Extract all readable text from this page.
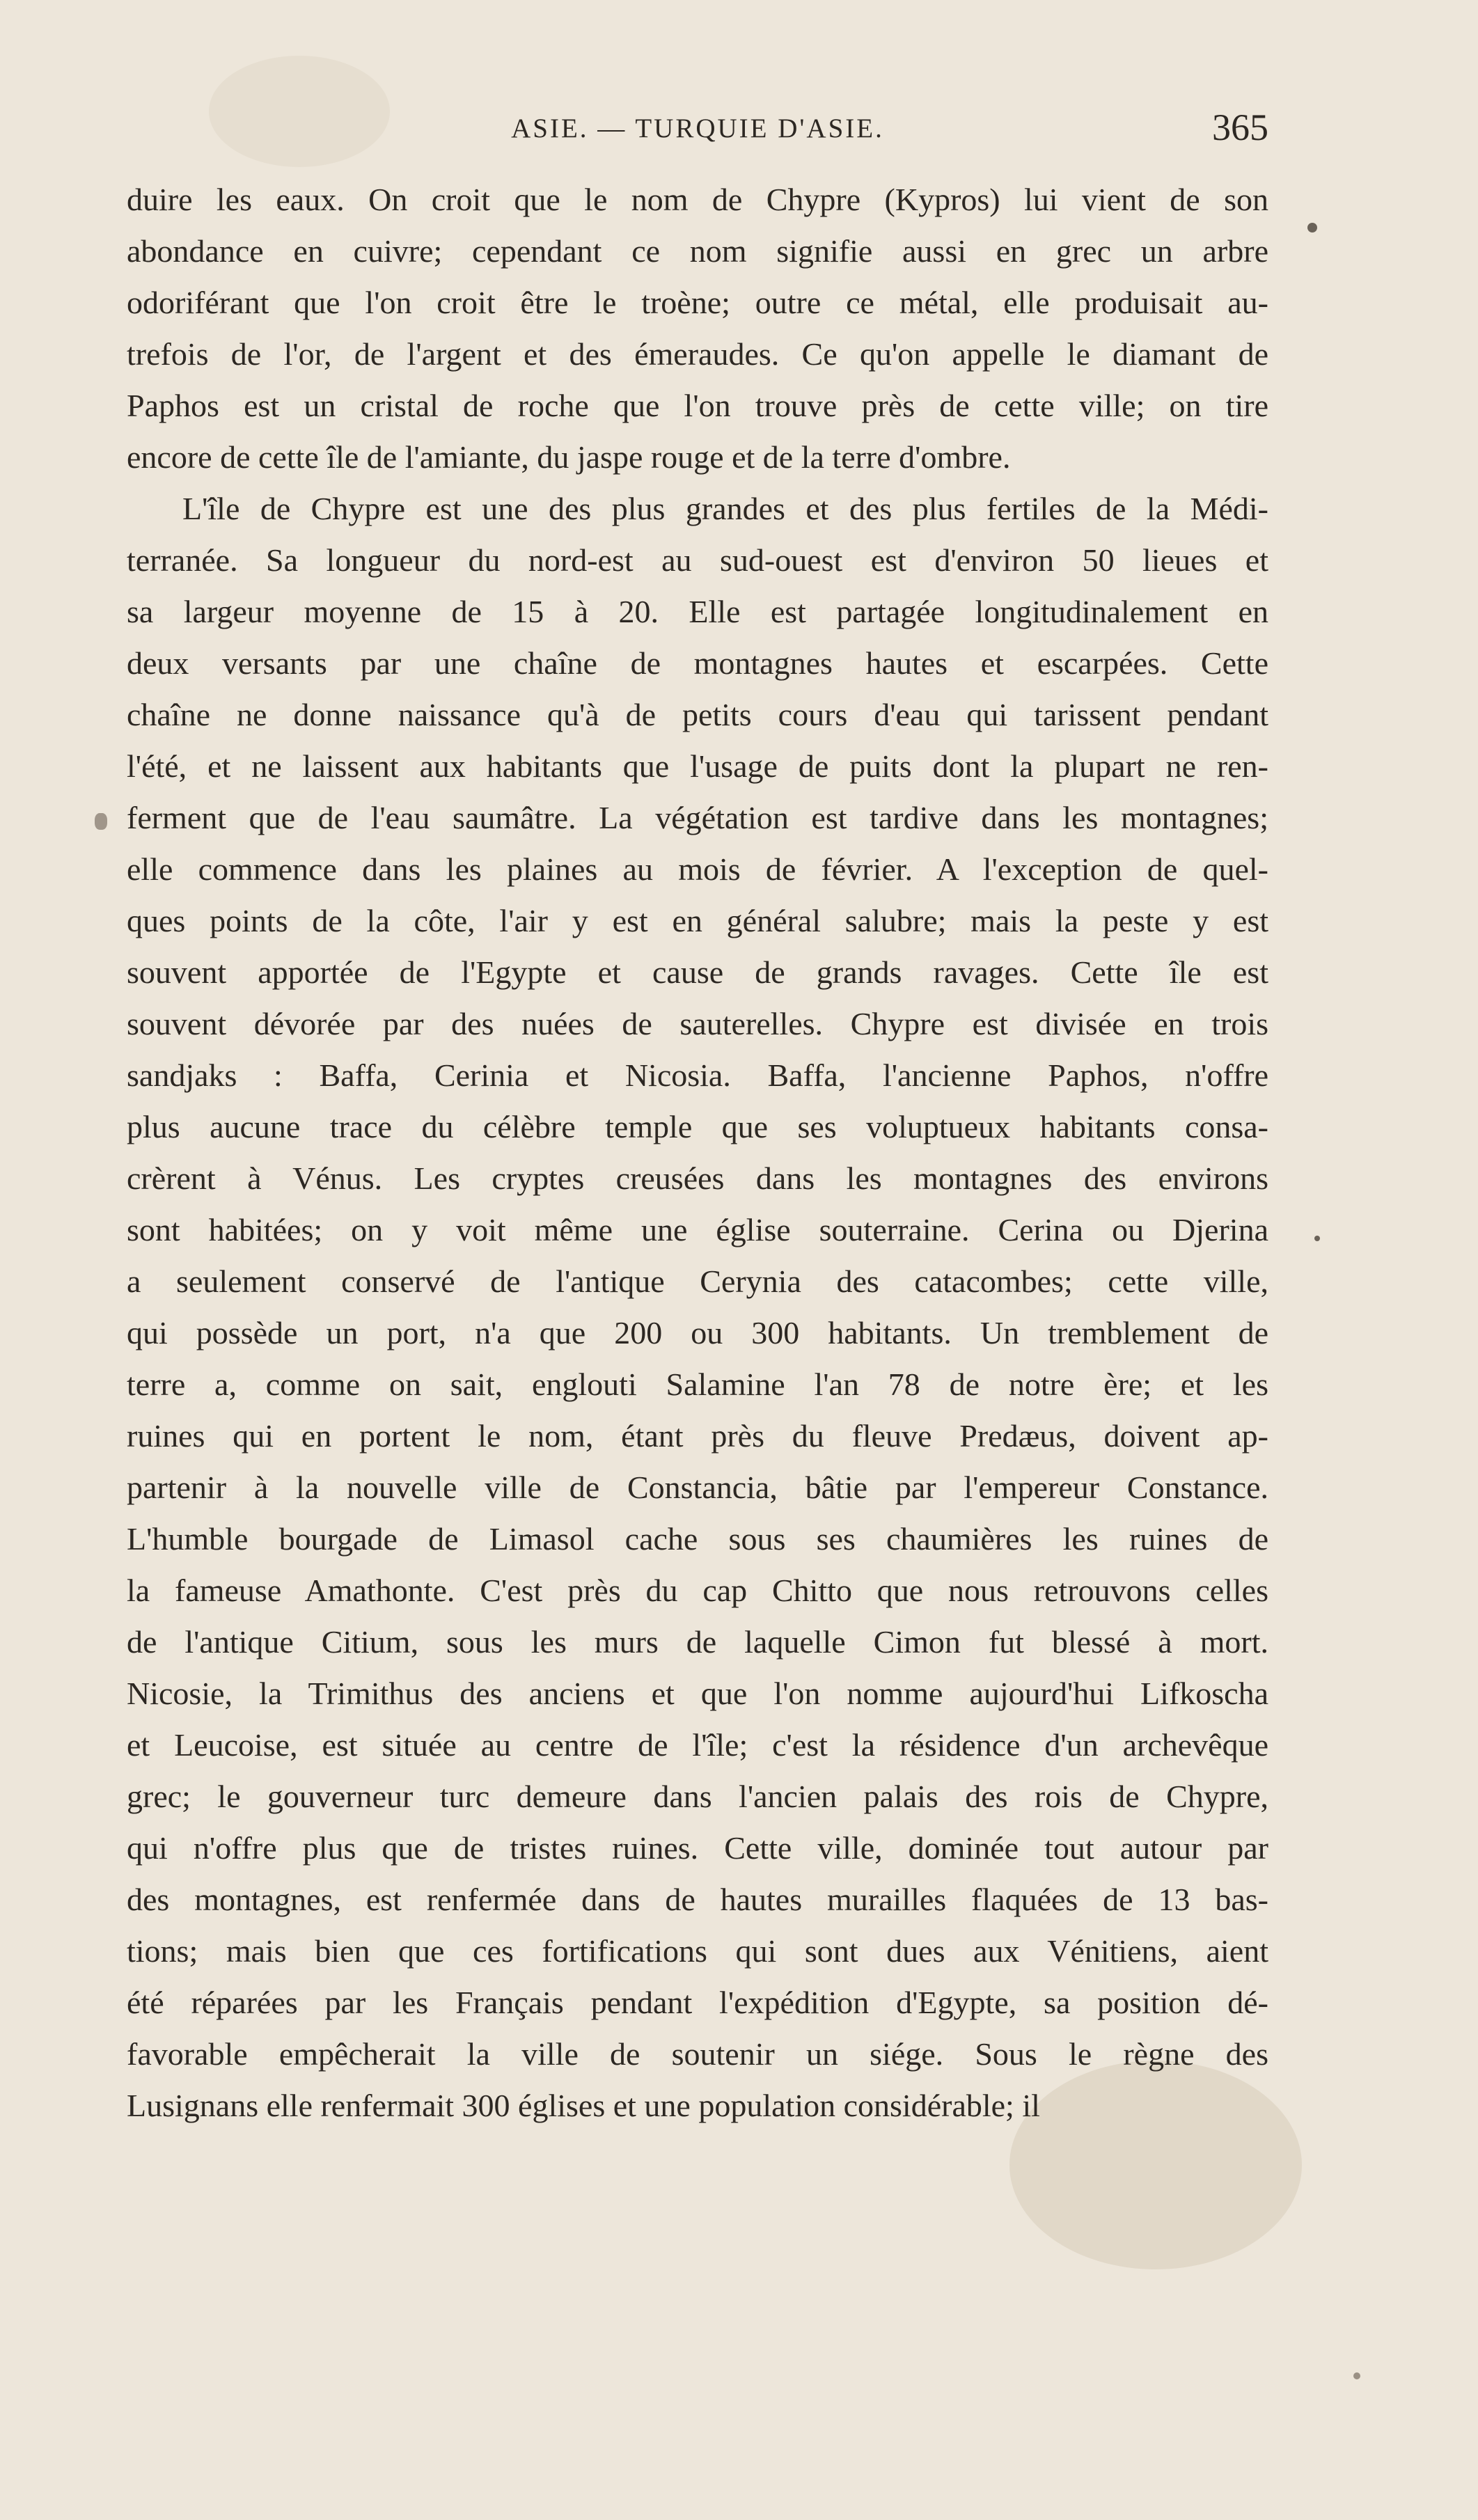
ASIE. — TURQUIE D'ASIE.	365
duire les eaux. On croit que le nom de Chypre (Kypros) lui vient de son
abondance en cuivre; cependant ce nom signifie aussi en grec un arbre
odoriférant que l'on croit être le troène; outre ce métal, elle produisait au-
trefois de l'or, de l'argent et des émeraudes. Ce qu'on appelle le diamant de
Paphos est un cristal de roche que l'on trouve près de cette ville; on tire
encore de cette île de l'amiante, du jaspe rouge et de la terre d'ombre.
L'île de Chypre est une des plus grandes et des plus fertiles de la Médi-
terranée. Sa longueur du nord-est au sud-ouest est d'environ 50 lieues et
sa largeur moyenne de 15 à 20. Elle est partagée longitudinalement en
deux versants par une chaîne de montagnes hautes et escarpées. Cette
chaîne ne donne naissance qu'à de petits cours d'eau qui tarissent pendant
l'été, et ne laissent aux habitants que l'usage de puits dont la plupart ne ren-
ferment que de l'eau saumâtre. La végétation est tardive dans les montagnes;
elle commence dans les plaines au mois de février. A l'exception de quel-
ques points de la côte, l'air y est en général salubre; mais la peste y est
souvent apportée de l'Egypte et cause de grands ravages. Cette île est
souvent dévorée par des nuées de sauterelles. Chypre est divisée en trois
sandjaks : Baffa, Cerinia et Nicosia. Baffa, l'ancienne Paphos, n'offre
plus aucune trace du célèbre temple que ses voluptueux habitants consa-
crèrent à Vénus. Les cryptes creusées dans les montagnes des environs
sont habitées; on y voit même une église souterraine. Cerina ou Djerina
a seulement conservé de l'antique Cerynia des catacombes; cette ville,
qui possède un port, n'a que 200 ou 300 habitants. Un tremblement de
terre a, comme on sait, englouti Salamine l'an 78 de notre ère; et les
ruines qui en portent le nom, étant près du fleuve Predæus, doivent ap-
partenir à la nouvelle ville de Constancia, bâtie par l'empereur Constance.
L'humble bourgade de Limasol cache sous ses chaumières les ruines de
la fameuse Amathonte. C'est près du cap Chitto que nous retrouvons celles
de l'antique Citium, sous les murs de laquelle Cimon fut blessé à mort.
Nicosie, la Trimithus des anciens et que l'on nomme aujourd'hui Lifkoscha
et Leucoise, est située au centre de l'île; c'est la résidence d'un archevêque
grec; le gouverneur turc demeure dans l'ancien palais des rois de Chypre,
qui n'offre plus que de tristes ruines. Cette ville, dominée tout autour par
des montagnes, est renfermée dans de hautes murailles flaquées de 13 bas-
tions; mais bien que ces fortifications qui sont dues aux Vénitiens, aient
été réparées par les Français pendant l'expédition d'Egypte, sa position dé-
favorable empêcherait la ville de soutenir un siége. Sous le règne des
Lusignans elle renfermait 300 églises et une population considérable; il
